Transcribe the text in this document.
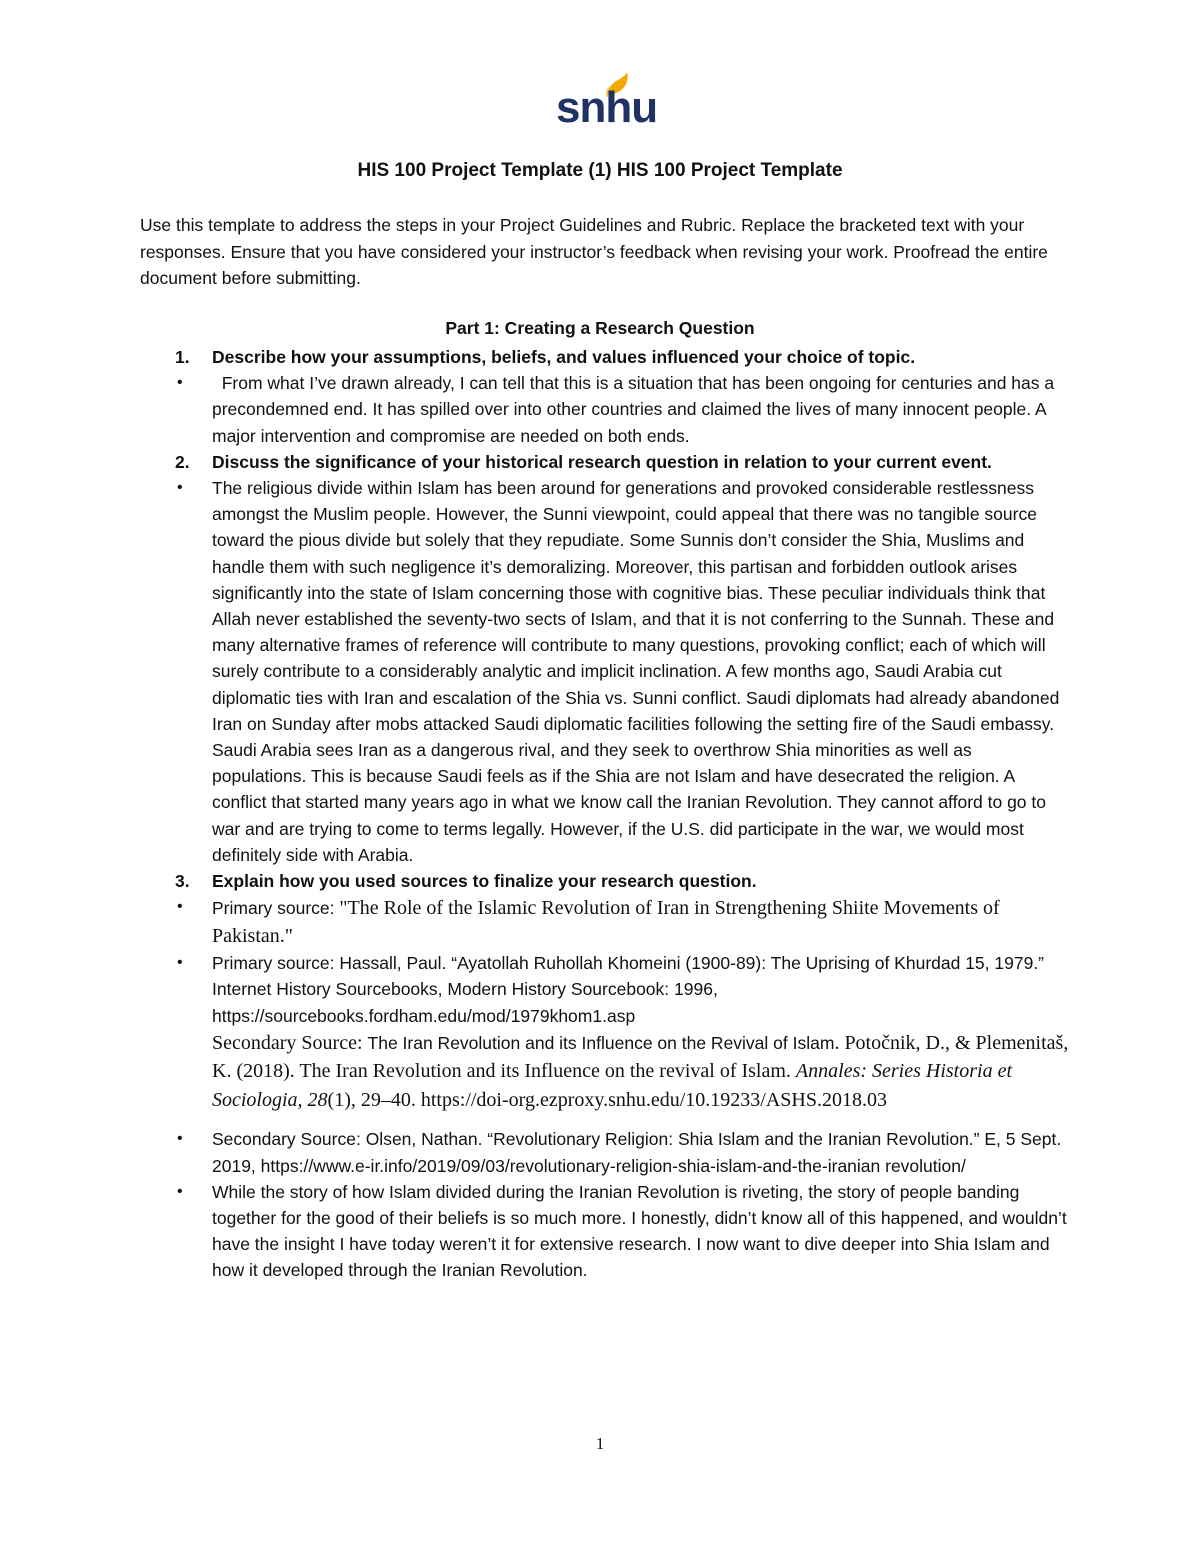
snhu
HIS 100 Project Template (1) HIS 100 Project Template
Use this template to address the steps in your Project Guidelines and Rubric. Replace the bracketed text with your responses. Ensure that you have considered your instructor’s feedback when revising your work. Proofread the entire document before submitting.
Part 1: Creating a Research Question
1. Describe how your assumptions, beliefs, and values influenced your choice of topic.
• From what I’ve drawn already, I can tell that this is a situation that has been ongoing for centuries and has a precondemned end. It has spilled over into other countries and claimed the lives of many innocent people. A major intervention and compromise are needed on both ends.
2. Discuss the significance of your historical research question in relation to your current event.
• The religious divide within Islam has been around for generations and provoked considerable restlessness amongst the Muslim people. However, the Sunni viewpoint, could appeal that there was no tangible source toward the pious divide but solely that they repudiate. Some Sunnis don’t consider the Shia, Muslims and handle them with such negligence it’s demoralizing. Moreover, this partisan and forbidden outlook arises significantly into the state of Islam concerning those with cognitive bias. These peculiar individuals think that Allah never established the seventy-two sects of Islam, and that it is not conferring to the Sunnah. These and many alternative frames of reference will contribute to many questions, provoking conflict; each of which will surely contribute to a considerably analytic and implicit inclination. A few months ago, Saudi Arabia cut diplomatic ties with Iran and escalation of the Shia vs. Sunni conflict. Saudi diplomats had already abandoned Iran on Sunday after mobs attacked Saudi diplomatic facilities following the setting fire of the Saudi embassy. Saudi Arabia sees Iran as a dangerous rival, and they seek to overthrow Shia minorities as well as populations. This is because Saudi feels as if the Shia are not Islam and have desecrated the religion. A conflict that started many years ago in what we know call the Iranian Revolution. They cannot afford to go to war and are trying to come to terms legally. However, if the U.S. did participate in the war, we would most definitely side with Arabia.
3. Explain how you used sources to finalize your research question.
• Primary source: "The Role of the Islamic Revolution of Iran in Strengthening Shiite Movements of Pakistan."
• Primary source: Hassall, Paul. “Ayatollah Ruhollah Khomeini (1900-89): The Uprising of Khurdad 15, 1979.” Internet History Sourcebooks, Modern History Sourcebook: 1996, https://sourcebooks.fordham.edu/mod/1979khom1.asp
Secondary Source: The Iran Revolution and its Influence on the Revival of Islam. Potočnik, D., & Plemenitaš, K. (2018). The Iran Revolution and its Influence on the revival of Islam. Annales: Series Historia et Sociologia, 28(1), 29–40. https://doi-org.ezproxy.snhu.edu/10.19233/ASHS.2018.03
• Secondary Source: Olsen, Nathan. “Revolutionary Religion: Shia Islam and the Iranian Revolution.” E, 5 Sept. 2019, https://www.e-ir.info/2019/09/03/revolutionary-religion-shia-islam-and-the-iranian revolution/
• While the story of how Islam divided during the Iranian Revolution is riveting, the story of people banding together for the good of their beliefs is so much more. I honestly, didn’t know all of this happened, and wouldn’t have the insight I have today weren’t it for extensive research. I now want to dive deeper into Shia Islam and how it developed through the Iranian Revolution.
1
